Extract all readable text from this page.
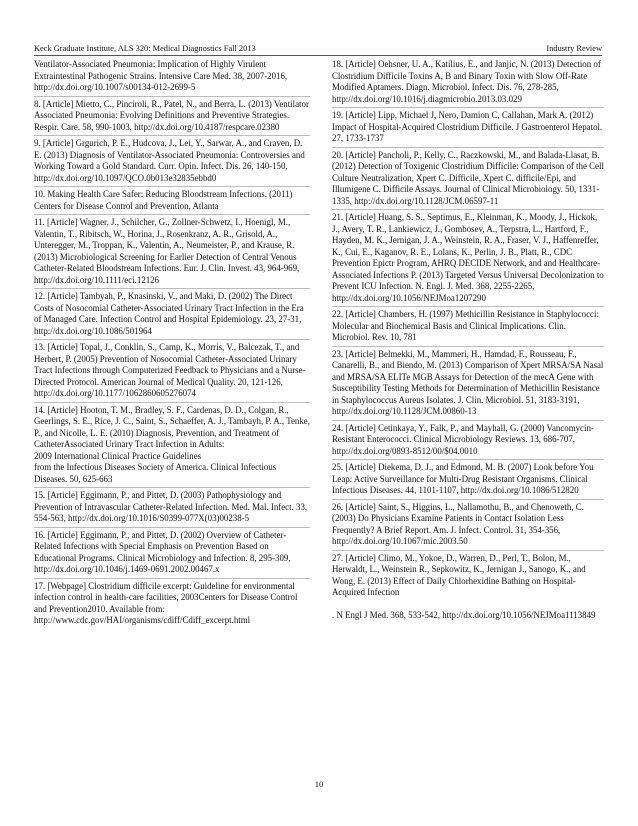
Keck Graduate Institute, ALS 320: Medical Diagnostics Fall 2013	Industry Review
Ventilator-Associated Pneumonia: Implication of Highly Virulent Extraintestinal Pathogenic Strains. Intensive Care Med. 38, 2007-2016, http://dx.doi.org/10.1007/s00134-012-2699-5
8. [Article] Mietto, C., Pinciroli, R., Patel, N., and Berra, L. (2013) Ventilator Associated Pneumonia: Evolving Definitions and Preventive Strategies. Respir. Care. 58, 990-1003, http://dx.doi.org/10.4187/respcare.02380
9. [Article] Grgurich, P. E., Hudcova, J., Lei, Y., Sarwar, A., and Craven, D. E. (2013) Diagnosis of Ventilator-Associated Pneumonia: Controversies and Working Toward a Gold Standard. Curr. Opin. Infect. Dis. 26, 140-150, http://dx.doi.org/10.1097/QCO.0b013e32835ebbd0
10. Making Health Care Safer: Reducing Bloodstream Infections. (2011) Centers for Disease Control and Prevention, Atlanta
11. [Article] Wagner, J., Schilcher, G., Zollner-Schwetz, I., Hoenigl, M., Valentin, T., Ribitsch, W., Horina, J., Rosenkranz, A. R., Grisold, A., Unteregger, M., Troppan, K., Valentin, A., Neumeister, P., and Krause, R. (2013) Microbiological Screening for Earlier Detection of Central Venous Catheter-Related Bloodstream Infections. Eur. J. Clin. Invest. 43, 964-969, http://dx.doi.org/10.1111/eci.12126
12. [Article] Tambyah, P., Knasinski, V., and Maki, D. (2002) The Direct Costs of Nosocomial Catheter-Associated Urinary Tract Infection in the Era of Managed Care. Infection Control and Hospital Epidemiology. 23, 27-31, http://dx.doi.org/10.1086/501964
13. [Article] Topal, J., Conklin, S., Camp, K., Morris, V., Balcezak, T., and Herbert, P. (2005) Prevention of Nosocomial Catheter-Associated Urinary Tract Infections through Computerized Feedback to Physicians and a Nurse-Directed Protocol. American Journal of Medical Quality. 20, 121-126, http://dx.doi.org/10.1177/1062860605276074
14. [Article] Hooton, T. M., Bradley, S. F., Cardenas, D. D., Colgan, R., Geerlings, S. E., Rice, J. C., Saint, S., Schaeffer, A. J., Tambayh, P. A., Tenke, P., and Nicolle, L. E. (2010) Diagnosis, Prevention, and Treatment of CatheterAssociated Urinary Tract Infection in Adults:
2009 International Clinical Practice Guidelines
from the Infectious Diseases Society of America. Clinical Infectious Diseases. 50, 625-663
15. [Article] Eggimann, P., and Pittet, D. (2003) Pathophysiology and Prevention of Intravascular Catheter-Related Infection. Med. Mal. Infect. 33, 554-563, http://dx.doi.org/10.1016/S0399-077X(03)00238-5
16. [Article] Eggimann, P., and Pittet, D. (2002) Overview of Catheter-Related Infections with Special Emphasis on Prevention Based on Educational Programs. Clinical Microbiology and Infection. 8, 295-309, http://dx.doi.org/10.1046/j.1469-0691.2002.00467.x
17. [Webpage] Clostridium difficile excerpt: Guideline for environmental infection control in health-care facilities, 2003Centers for Disease Control and Prevention2010. Available from: http://www.cdc.gov/HAI/organisms/cdiff/Cdiff_excerpt.html
18. [Article] Oehsner, U. A., Katilius, E., and Janjic, N. (2013) Detection of Clostridium Difficile Toxins A, B and Binary Toxin with Slow Off-Rate Modified Aptamers. Diagn. Microbiol. Infect. Dis. 76, 278-285, http://dx.doi.org/10.1016/j.diagmicrobio.2013.03.029
19. [Article] Lipp, Michael J, Nero, Damion C, Callahan, Mark A. (2012) Impact of Hospital-Acquired Clostridium Difficile. J Gastroenterol Hepatol. 27, 1733-1737
20. [Article] Pancholi, P., Kelly, C., Raczkowski, M., and Balada-Llasat, B. (2012) Detection of Toxigenic Clostridium Difficile: Comparison of the Cell Culture Neutralization, Xpert C. Difficile, Xpert C. difficile/Epi, and Illumigene C. Difficile Assays. Journal of Clinical Microbiology. 50, 1331-1335, http://dx.doi.org/10.1128/JCM.06597-11
21. [Article] Huang, S. S., Septimus, E., Kleinman, K., Moody, J., Hickok, J., Avery, T. R., Lankiewicz, J., Gombosev, A., Terpstra, L., Hartford, F., Hayden, M. K., Jernigan, J. A., Weinstein, R. A., Fraser, V. J., Haffenreffer, K., Cui, E., Kaganov, R. E., Lolans, K., Perlin, J. B., Platt, R., CDC Prevention Epictr Program, AHRQ DECIDE Network, and and Healthcare-Associated Infections P. (2013) Targeted Versus Universal Decolonization to Prevent ICU Infection. N. Engl. J. Med. 368, 2255-2265, http://dx.doi.org/10.1056/NEJMoa1207290
22. [Article] Chambers, H. (1997) Methicillin Resistance in Staphylococci: Molecular and Biochemical Basis and Clinical Implications. Clin. Microbiol. Rev. 10, 781
23. [Article] Belmekki, M., Mammeri, H., Hamdad, F., Rousseau, F., Canarelli, B., and Biendo, M. (2013) Comparison of Xpert MRSA/SA Nasal and MRSA/SA ELITe MGB Assays for Detection of the mecA Gene with Susceptibility Testing Methods for Determination of Methicillin Resistance in Staphylococcus Aureus Isolates. J. Clin. Microbiol. 51, 3183-3191, http://dx.doi.org/10.1128/JCM.00860-13
24. [Article] Cetinkaya, Y., Falk, P., and Mayhall, G. (2000) Vancomycin-Resistant Enterococci. Clinical Microbiology Reviews. 13, 686-707, http://dx.doi.org/0893-8512/00/$04.0010
25. [Article] Diekema, D. J., and Edmond, M. B. (2007) Look before You Leap: Active Surveillance for Multi-Drug Resistant Organisms. Clinical Infectious Diseases. 44, 1101-1107, http://dx.doi.org/10.1086/512820
26. [Article] Saint, S., Higgins, L., Nallamothu, B., and Chenoweth, C. (2003) Do Physicians Examine Patients in Contact Isolation Less Frequently? A Brief Report. Am. J. Infect. Control. 31, 354-356, http://dx.doi.org/10.1067/mic.2003.50
27. [Article] Climo, M., Yokoe, D., Warren, D., Perl, T., Bolon, M., Herwaldt, L., Weinstein R., Sepkowitz, K., Jernigan J., Sanogo, K., and Wong, E. (2013) Effect of Daily Chlorhexidine Bathing on Hospital-Acquired Infection

. N Engl J Med. 368, 533-542, http://dx.doi.org/10.1056/NEJMoa1113849
10
